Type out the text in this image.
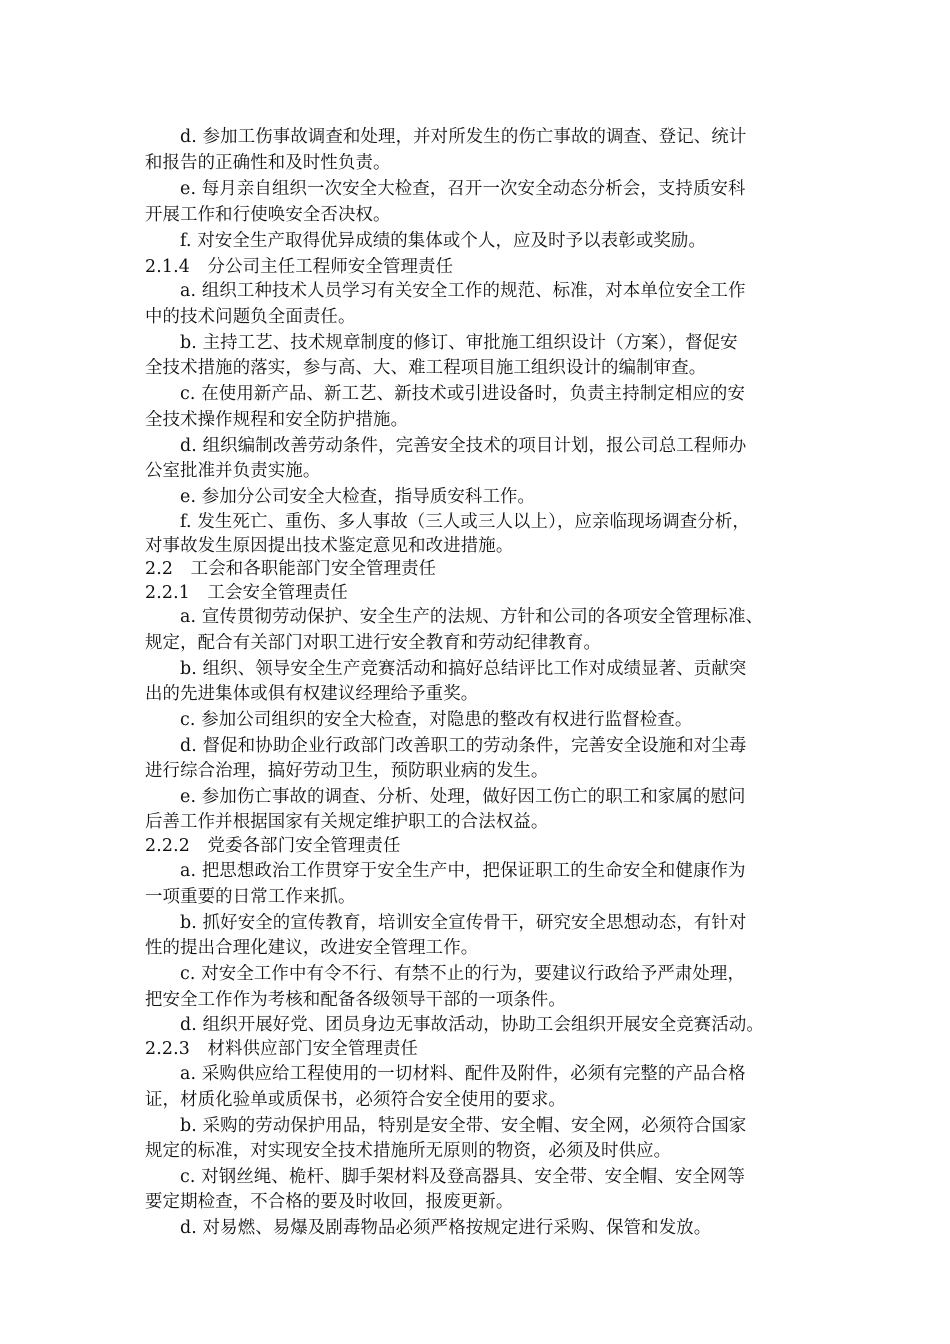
d. 参加工伤事故调查和处理，并对所发生的伤亡事故的调查、登记、统计
和报告的正确性和及时性负责。
e. 每月亲自组织一次安全大检查，召开一次安全动态分析会，支持质安科
开展工作和行使唤安全否决权。
f. 对安全生产取得优异成绩的集体或个人，应及时予以表彰或奖励。
2.1.4　分公司主任工程师安全管理责任
a. 组织工种技术人员学习有关安全工作的规范、标准，对本单位安全工作
中的技术问题负全面责任。
b. 主持工艺、技术规章制度的修订、审批施工组织设计（方案），督促安
全技术措施的落实，参与高、大、难工程项目施工组织设计的编制审查。
c. 在使用新产品、新工艺、新技术或引进设备时，负责主持制定相应的安
全技术操作规程和安全防护措施。
d. 组织编制改善劳动条件，完善安全技术的项目计划，报公司总工程师办
公室批准并负责实施。
e. 参加分公司安全大检查，指导质安科工作。
f. 发生死亡、重伤、多人事故（三人或三人以上），应亲临现场调查分析，
对事故发生原因提出技术鉴定意见和改进措施。
2.2　工会和各职能部门安全管理责任
2.2.1　工会安全管理责任
a. 宣传贯彻劳动保护、安全生产的法规、方针和公司的各项安全管理标准、
规定，配合有关部门对职工进行安全教育和劳动纪律教育。
b. 组织、领导安全生产竞赛活动和搞好总结评比工作对成绩显著、贡献突
出的先进集体或俱有权建议经理给予重奖。
c. 参加公司组织的安全大检查，对隐患的整改有权进行监督检查。
d. 督促和协助企业行政部门改善职工的劳动条件，完善安全设施和对尘毒
进行综合治理，搞好劳动卫生，预防职业病的发生。
e. 参加伤亡事故的调查、分析、处理，做好因工伤亡的职工和家属的慰问
后善工作并根据国家有关规定维护职工的合法权益。
2.2.2　党委各部门安全管理责任
a. 把思想政治工作贯穿于安全生产中，把保证职工的生命安全和健康作为
一项重要的日常工作来抓。
b. 抓好安全的宣传教育，培训安全宣传骨干，研究安全思想动态，有针对
性的提出合理化建议，改进安全管理工作。
c. 对安全工作中有令不行、有禁不止的行为，要建议行政给予严肃处理，
把安全工作作为考核和配备各级领导干部的一项条件。
d. 组织开展好党、团员身边无事故活动，协助工会组织开展安全竞赛活动。
2.2.3　材料供应部门安全管理责任
a. 采购供应给工程使用的一切材料、配件及附件，必须有完整的产品合格
证，材质化验单或质保书，必须符合安全使用的要求。
b. 采购的劳动保护用品，特别是安全带、安全帽、安全网，必须符合国家
规定的标准，对实现安全技术措施所无原则的物资，必须及时供应。
c. 对钢丝绳、桅杆、脚手架材料及登高器具、安全带、安全帽、安全网等
要定期检查，不合格的要及时收回，报废更新。
d. 对易燃、易爆及剧毒物品必须严格按规定进行采购、保管和发放。
